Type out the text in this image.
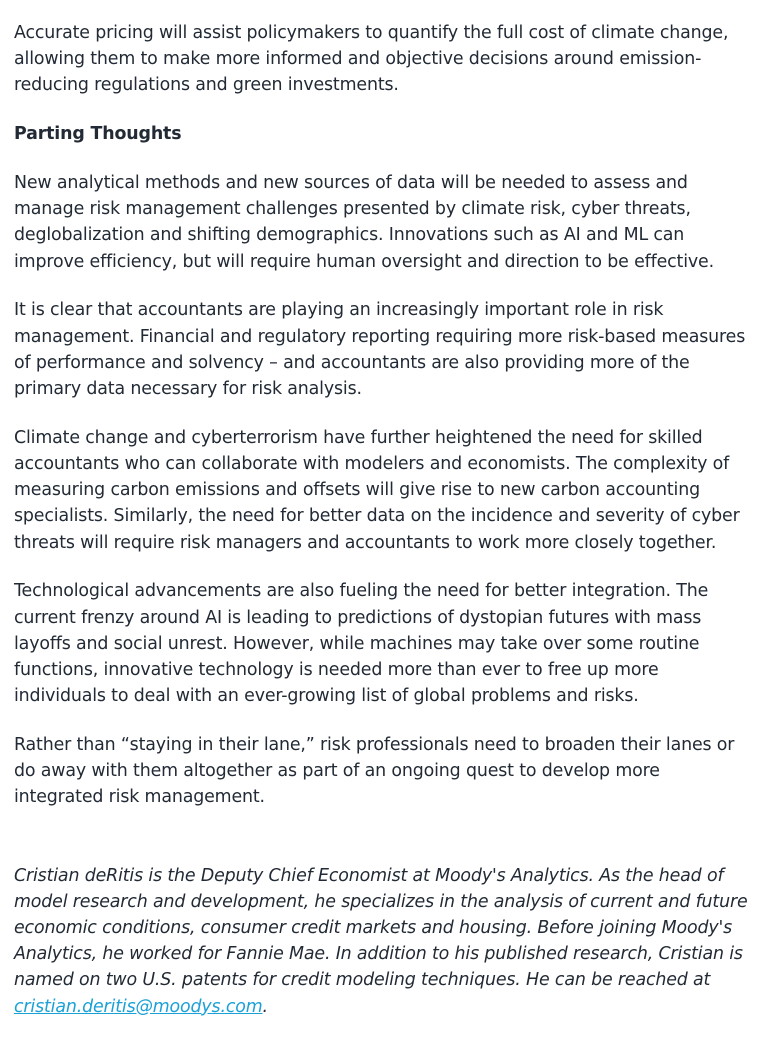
Accurate pricing will assist policymakers to quantify the full cost of climate change, allowing them to make more informed and objective decisions around emission-reducing regulations and green investments.

Parting Thoughts

New analytical methods and new sources of data will be needed to assess and manage risk management challenges presented by climate risk, cyber threats, deglobalization and shifting demographics. Innovations such as AI and ML can improve efficiency, but will require human oversight and direction to be effective.

It is clear that accountants are playing an increasingly important role in risk management. Financial and regulatory reporting requiring more risk-based measures of performance and solvency – and accountants are also providing more of the primary data necessary for risk analysis.

Climate change and cyberterrorism have further heightened the need for skilled accountants who can collaborate with modelers and economists. The complexity of measuring carbon emissions and offsets will give rise to new carbon accounting specialists. Similarly, the need for better data on the incidence and severity of cyber threats will require risk managers and accountants to work more closely together.

Technological advancements are also fueling the need for better integration. The current frenzy around AI is leading to predictions of dystopian futures with mass layoffs and social unrest. However, while machines may take over some routine functions, innovative technology is needed more than ever to free up more individuals to deal with an ever-growing list of global problems and risks.

Rather than “staying in their lane,” risk professionals need to broaden their lanes or do away with them altogether as part of an ongoing quest to develop more integrated risk management.

Cristian deRitis is the Deputy Chief Economist at Moody's Analytics. As the head of model research and development, he specializes in the analysis of current and future economic conditions, consumer credit markets and housing. Before joining Moody's Analytics, he worked for Fannie Mae. In addition to his published research, Cristian is named on two U.S. patents for credit modeling techniques. He can be reached at cristian.deritis@moodys.com.
